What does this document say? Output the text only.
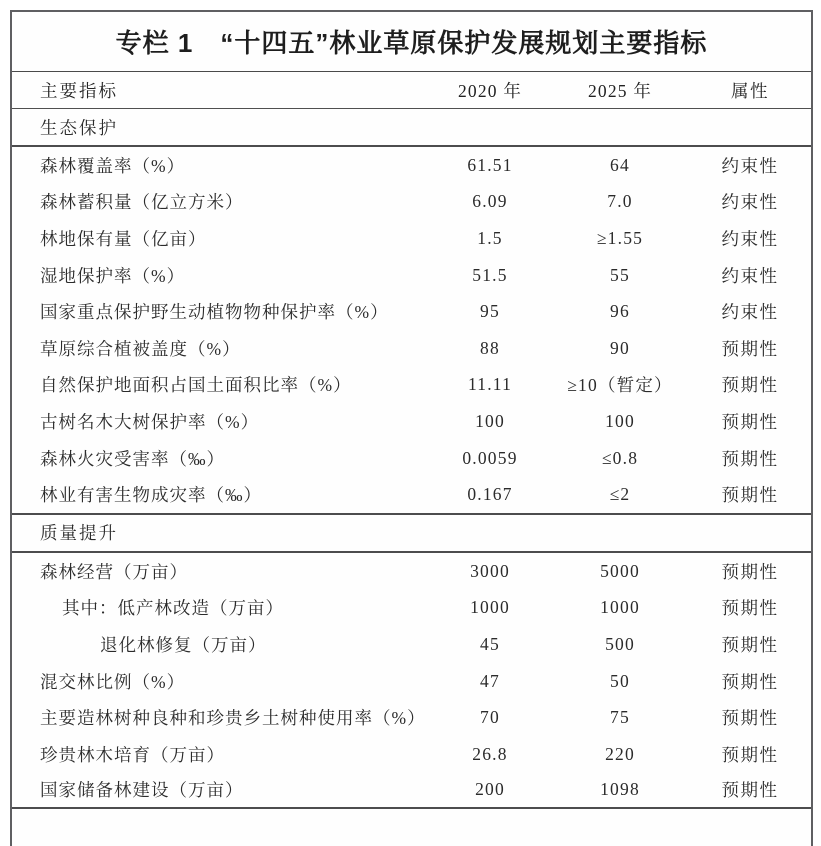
专栏 1　“十四五”林业草原保护发展规划主要指标
主要指标	2020 年	2025 年	属性
生态保护
森林覆盖率（%）	61.51	64	约束性
森林蓄积量（亿立方米）	6.09	7.0	约束性
林地保有量（亿亩）	1.5	≥1.55	约束性
湿地保护率（%）	51.5	55	约束性
国家重点保护野生动植物物种保护率（%）	95	96	约束性
草原综合植被盖度（%）	88	90	预期性
自然保护地面积占国土面积比率（%）	11.11	≥10（暂定）	预期性
古树名木大树保护率（%）	100	100	预期性
森林火灾受害率（‰）	0.0059	≤0.8	预期性
林业有害生物成灾率（‰）	0.167	≤2	预期性
质量提升
森林经营（万亩）	3000	5000	预期性
其中：低产林改造（万亩）	1000	1000	预期性
退化林修复（万亩）	45	500	预期性
混交林比例（%）	47	50	预期性
主要造林树种良种和珍贵乡土树种使用率（%）	70	75	预期性
珍贵林木培育（万亩）	26.8	220	预期性
国家储备林建设（万亩）	200	1098	预期性
